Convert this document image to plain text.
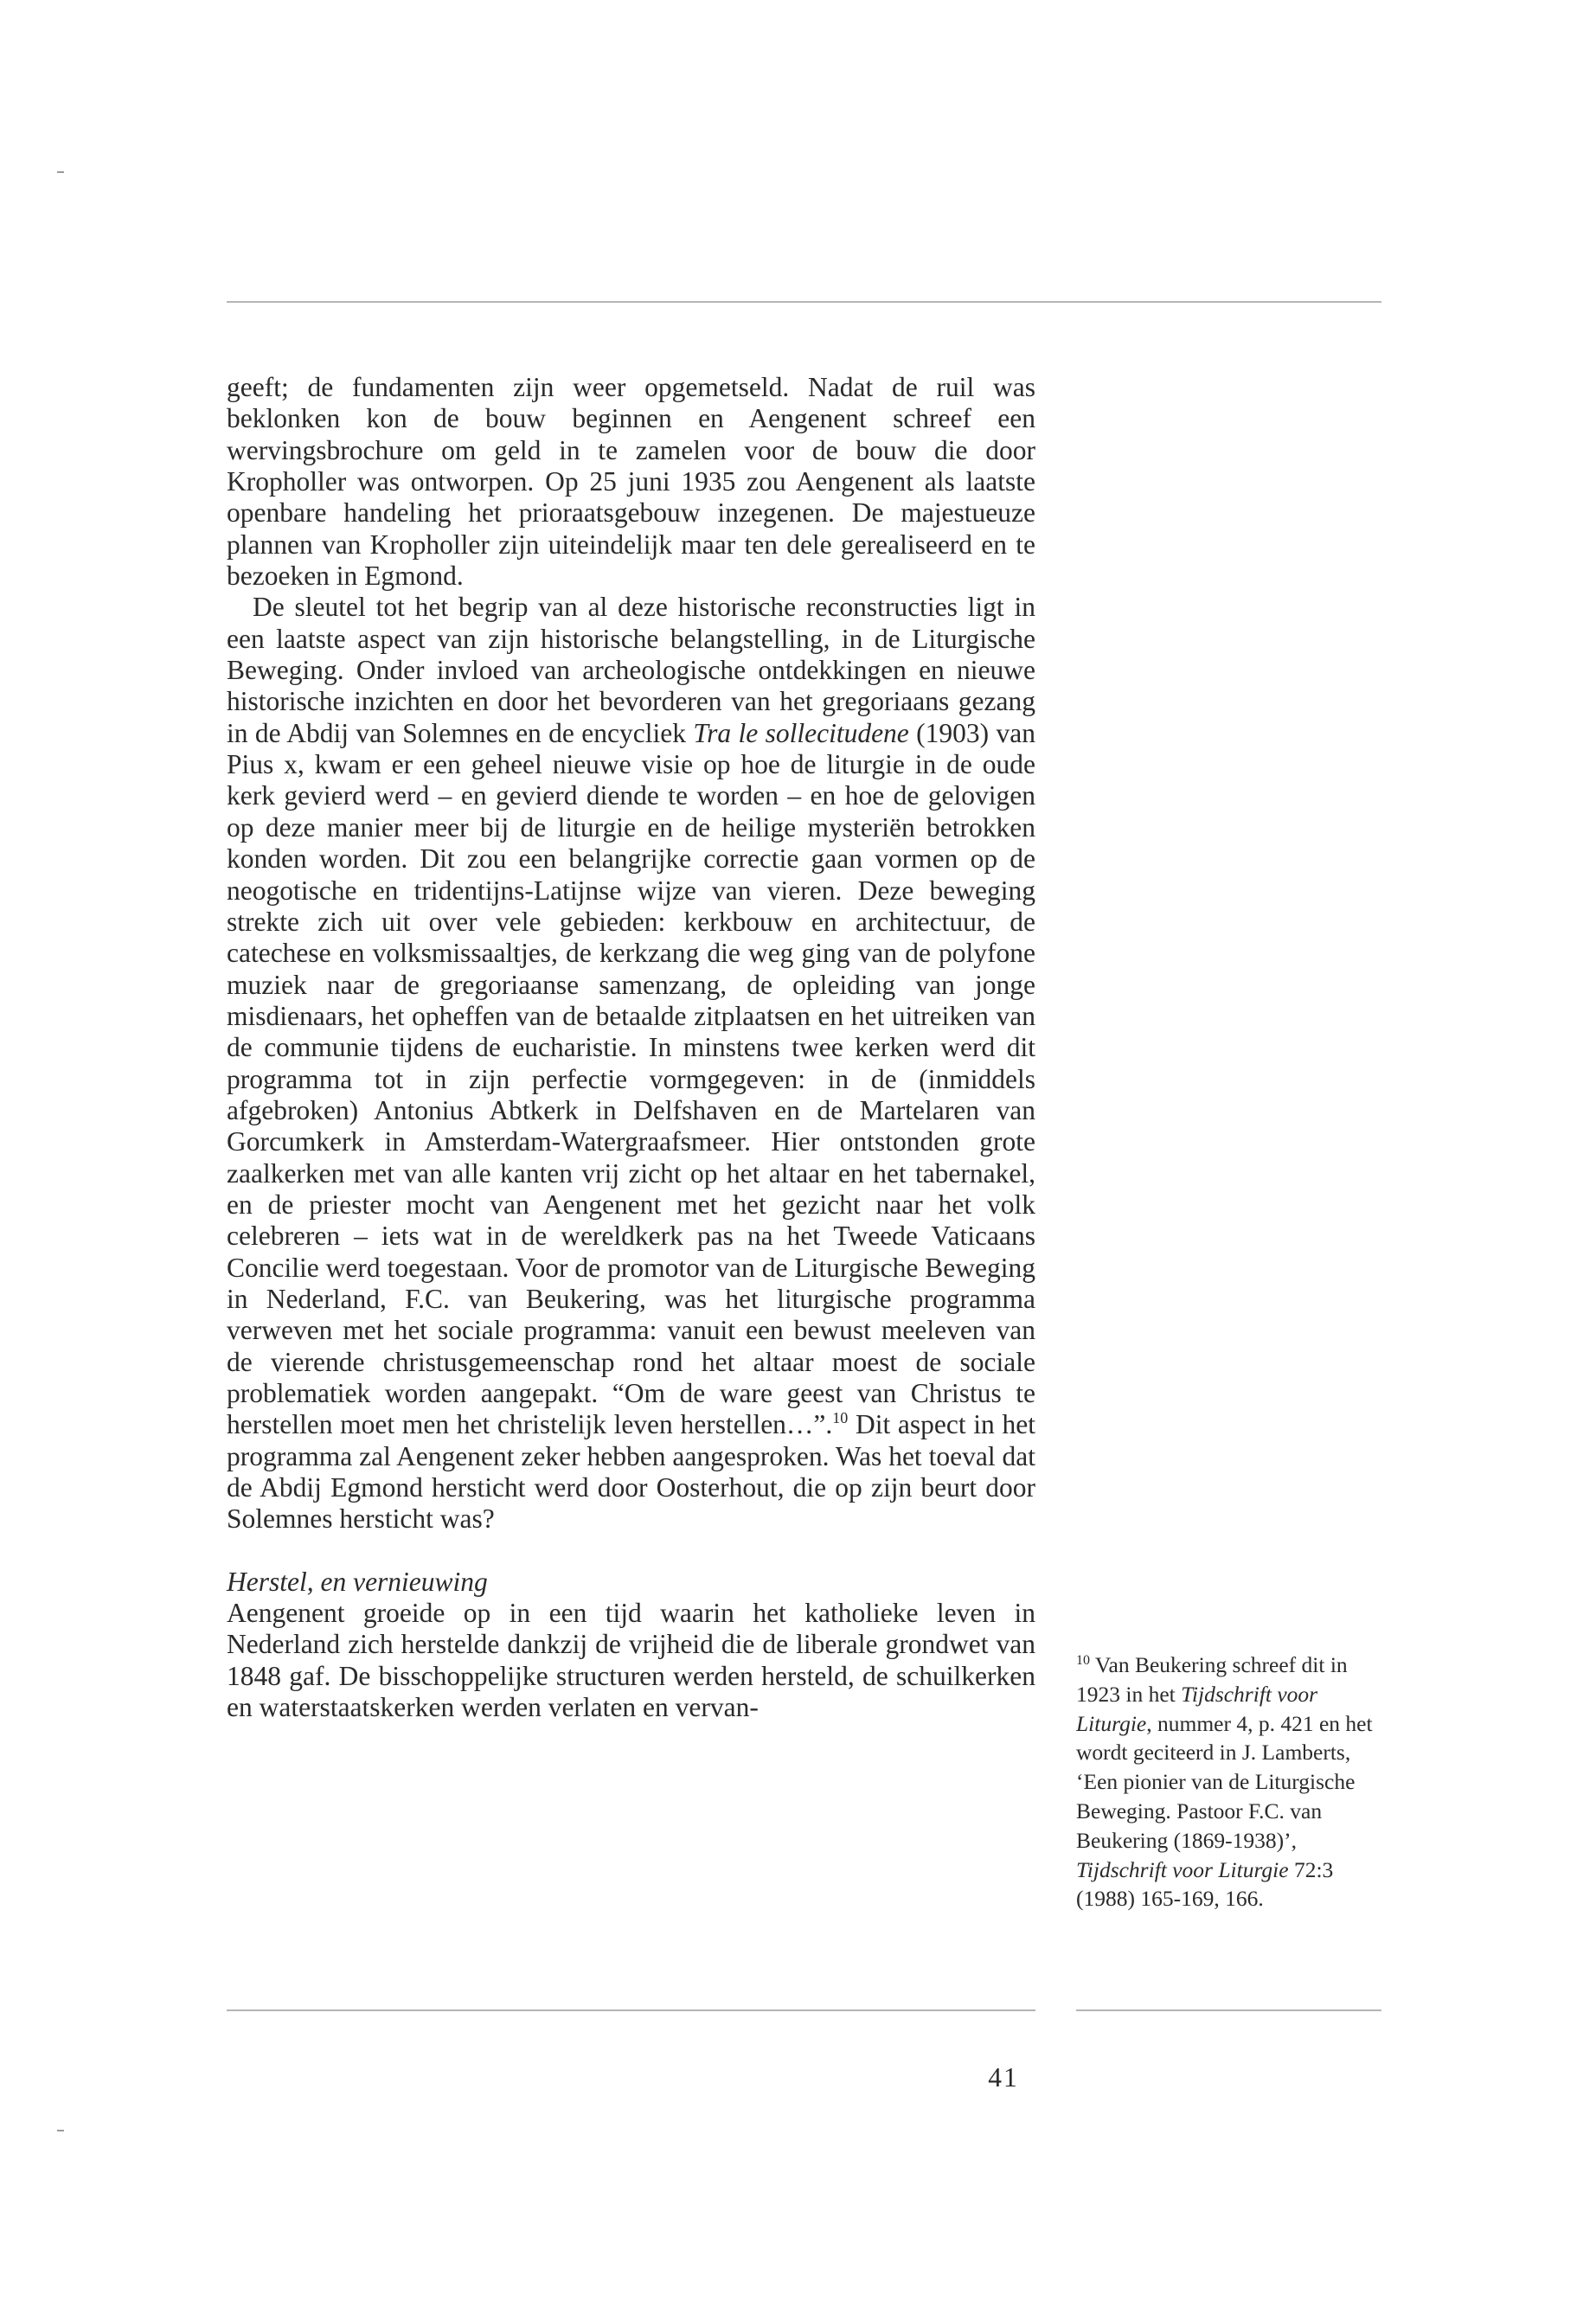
geeft; de fundamenten zijn weer opgemetseld. Nadat de ruil was beklonken kon de bouw beginnen en Aengenent schreef een wervingsbrochure om geld in te zamelen voor de bouw die door Kropholler was ontworpen. Op 25 juni 1935 zou Aengenent als laatste openbare handeling het prioraatsgebouw inzegenen. De majestueuze plannen van Kropholler zijn uiteindelijk maar ten dele gerealiseerd en te bezoeken in Egmond.

De sleutel tot het begrip van al deze historische reconstructies ligt in een laatste aspect van zijn historische belangstelling, in de Liturgische Beweging. Onder invloed van archeologische ontdekkingen en nieuwe historische inzichten en door het bevorderen van het gregoriaans gezang in de Abdij van Solemnes en de encycliek Tra le sollecitudene (1903) van Pius x, kwam er een geheel nieuwe visie op hoe de liturgie in de oude kerk gevierd werd – en gevierd diende te worden – en hoe de gelovigen op deze manier meer bij de liturgie en de heilige mysteriën betrokken konden worden. Dit zou een belangrijke correctie gaan vormen op de neogotische en tridentijns-Latijnse wijze van vieren. Deze beweging strekte zich uit over vele gebieden: kerkbouw en architectuur, de catechese en volksmissaaltjes, de kerkzang die weg ging van de polyfone muziek naar de gregoriaanse samenzang, de opleiding van jonge misdienaars, het opheffen van de betaalde zitplaatsen en het uitreiken van de communie tijdens de eucharistie. In minstens twee kerken werd dit programma tot in zijn perfectie vormgegeven: in de (inmiddels afgebroken) Antonius Abtkerk in Delfshaven en de Martelaren van Gorcumkerk in Amsterdam-Watergraafsmeer. Hier ontstonden grote zaalkerken met van alle kanten vrij zicht op het altaar en het tabernakel, en de priester mocht van Aengenent met het gezicht naar het volk celebreren – iets wat in de wereldkerk pas na het Tweede Vaticaans Concilie werd toegestaan. Voor de promotor van de Liturgische Beweging in Nederland, F.C. van Beukering, was het liturgische programma verweven met het sociale programma: vanuit een bewust meeleven van de vierende christusgemeenschap rond het altaar moest de sociale problematiek worden aangepakt. “Om de ware geest van Christus te herstellen moet men het christelijk leven herstellen…”.$^{10}$ Dit aspect in het programma zal Aengenent zeker hebben aangesproken. Was het toeval dat de Abdij Egmond hersticht werd door Oosterhout, die op zijn beurt door Solemnes hersticht was?

Herstel, en vernieuwing

Aengenent groeide op in een tijd waarin het katholieke leven in Nederland zich herstelde dankzij de vrijheid die de liberale grondwet van 1848 gaf. De bisschoppelijke structuren werden hersteld, de schuilkerken en waterstaatskerken werden verlaten en vervan-

$^{10}$ Van Beukering schreef dit in 1923 in het Tijdschrift voor Liturgie, nummer 4, p. 421 en het wordt geciteerd in J. Lamberts, ‘Een pionier van de Liturgische Beweging. Pastoor F.C. van Beukering (1869-1938)’, Tijdschrift voor Liturgie 72:3 (1988) 165-169, 166.
41
